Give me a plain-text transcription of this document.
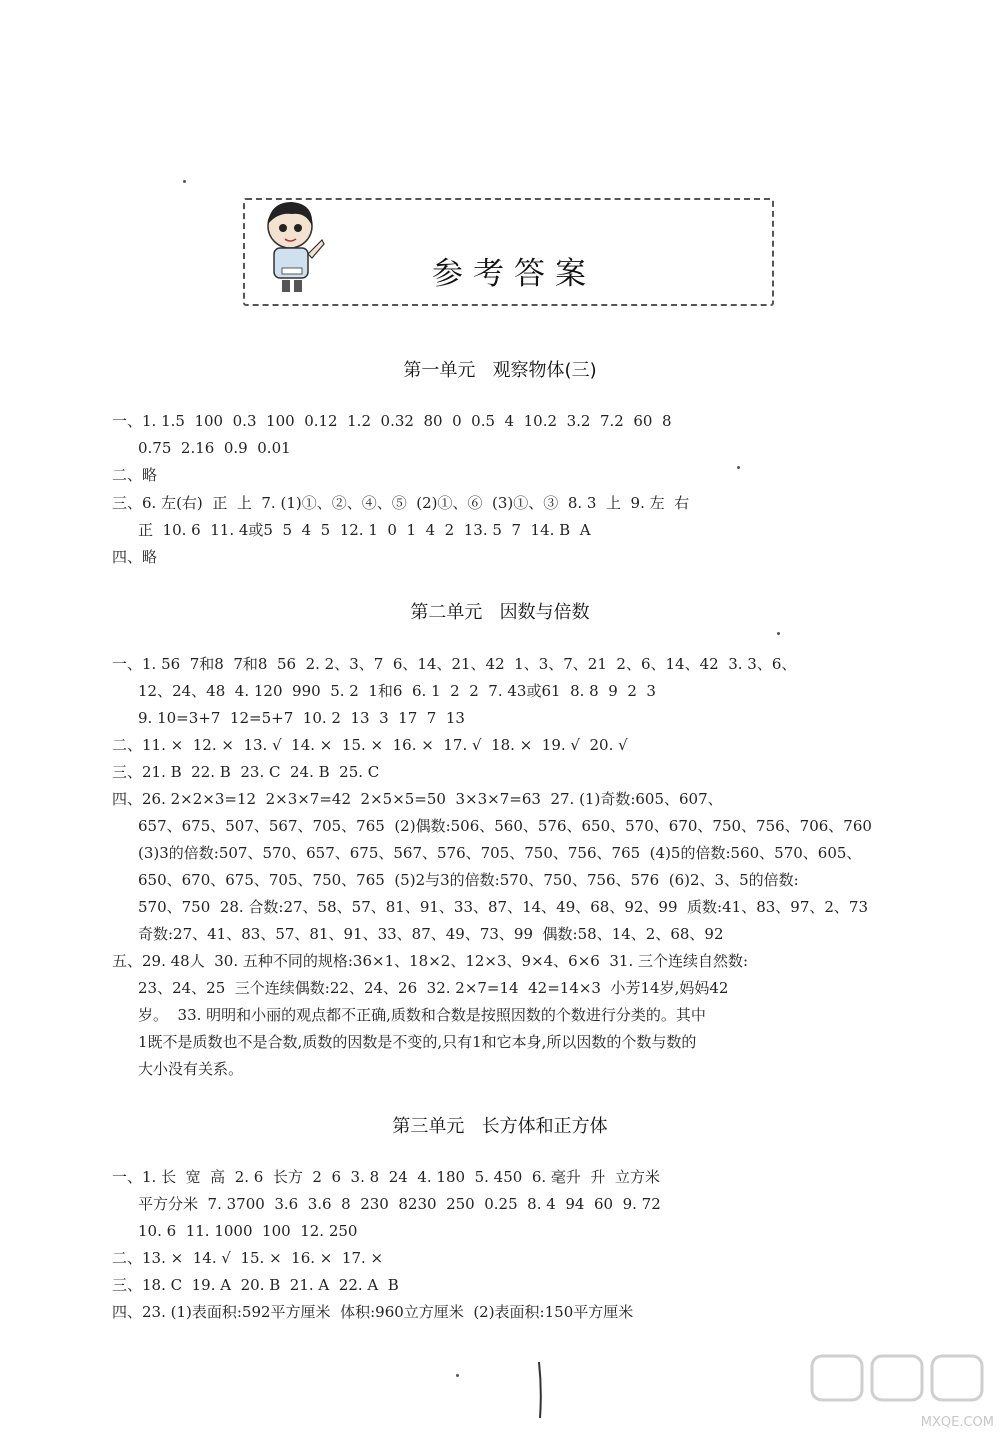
参考答案
第一单元   观察物体(三)
一、1. 1.5  100  0.3  100  0.12  1.2  0.32  80  0  0.5  4  10.2  3.2  7.2  60  8
0.75  2.16  0.9  0.01
二、略
三、6. 左(右)  正  上  7. (1)①、②、④、⑤  (2)①、⑥  (3)①、③  8. 3  上  9. 左  右
正  10. 6  11. 4或5  5  4  5  12. 1  0  1  4  2  13. 5  7  14. B  A
四、略
第二单元   因数与倍数
一、1. 56  7和8  7和8  56  2. 2、3、7  6、14、21、42  1、3、7、21  2、6、14、42  3. 3、6、
12、24、48  4. 120  990  5. 2  1和6  6. 1  2  2  7. 43或61  8. 8  9  2  3
9. 10=3+7  12=5+7  10. 2  13  3  17  7  13
二、11. ×  12. ×  13. √  14. ×  15. ×  16. ×  17. √  18. ×  19. √  20. √
三、21. B  22. B  23. C  24. B  25. C
四、26. 2×2×3=12  2×3×7=42  2×5×5=50  3×3×7=63  27. (1)奇数:605、607、
657、675、507、567、705、765  (2)偶数:506、560、576、650、570、670、750、756、706、760
(3)3的倍数:507、570、657、675、567、576、705、750、756、765  (4)5的倍数:560、570、605、
650、670、675、705、750、765  (5)2与3的倍数:570、750、756、576  (6)2、3、5的倍数:
570、750  28. 合数:27、58、57、81、91、33、87、14、49、68、92、99  质数:41、83、97、2、73
奇数:27、41、83、57、81、91、33、87、49、73、99  偶数:58、14、2、68、92
五、29. 48人  30. 五种不同的规格:36×1、18×2、12×3、9×4、6×6  31. 三个连续自然数:
23、24、25  三个连续偶数:22、24、26  32. 2×7=14  42=14×3  小芳14岁,妈妈42
岁。  33. 明明和小丽的观点都不正确,质数和合数是按照因数的个数进行分类的。其中
1既不是质数也不是合数,质数的因数是不变的,只有1和它本身,所以因数的个数与数的
大小没有关系。
第三单元   长方体和正方体
一、1. 长  宽  高  2. 6  长方  2  6  3. 8  24  4. 180  5. 450  6. 毫升  升  立方米
平方分米  7. 3700  3.6  3.6  8  230  8230  250  0.25  8. 4  94  60  9. 72
10. 6  11. 1000  100  12. 250
二、13. ×  14. √  15. ×  16. ×  17. ×
三、18. C  19. A  20. B  21. A  22. A  B
四、23. (1)表面积:592平方厘米  体积:960立方厘米  (2)表面积:150平方厘米
MXQE.COM
